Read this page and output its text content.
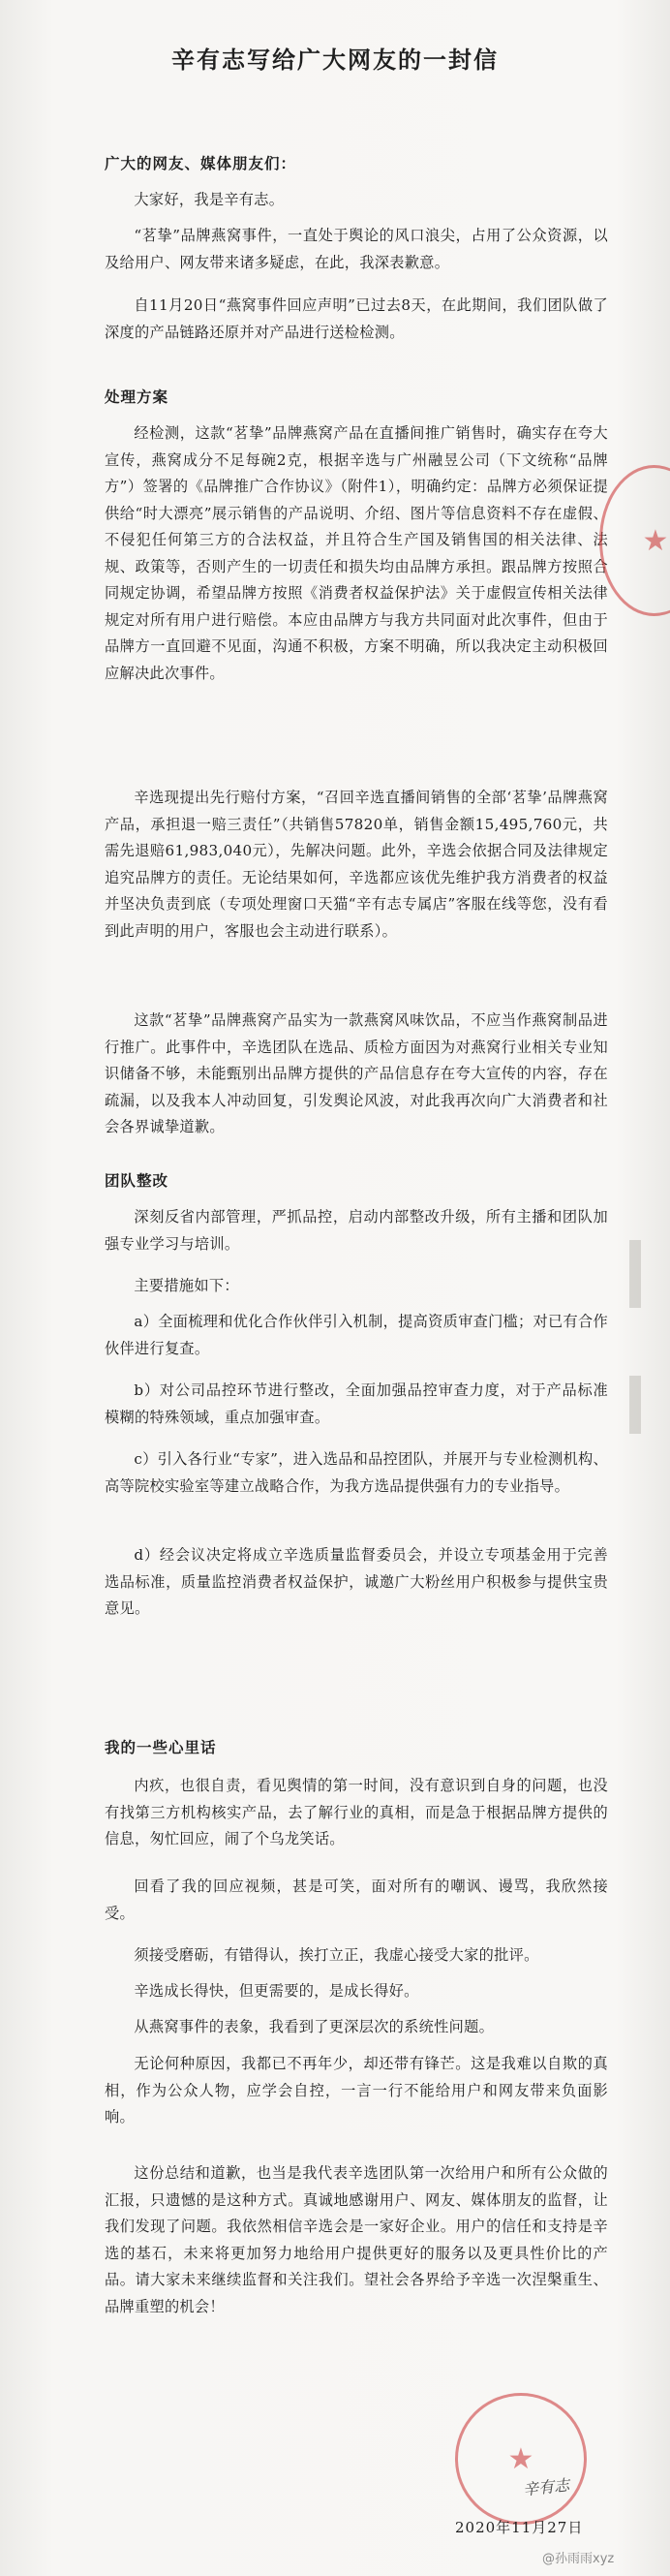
辛有志写给广大网友的一封信

广大的网友、媒体朋友们：

大家好，我是辛有志。

“茗挚”品牌燕窝事件，一直处于舆论的风口浪尖，占用了公众资源，以及给用户、网友带来诸多疑虑，在此，我深表歉意。

自11月20日“燕窝事件回应声明”已过去8天，在此期间，我们团队做了深度的产品链路还原并对产品进行送检检测。

处理方案

经检测，这款“茗挚”品牌燕窝产品在直播间推广销售时，确实存在夸大宣传，燕窝成分不足每碗2克，根据辛选与广州融昱公司（下文统称“品牌方”）签署的《品牌推广合作协议》（附件1），明确约定：品牌方必须保证提供给“时大漂亮”展示销售的产品说明、介绍、图片等信息资料不存在虚假、不侵犯任何第三方的合法权益，并且符合生产国及销售国的相关法律、法规、政策等，否则产生的一切责任和损失均由品牌方承担。跟品牌方按照合同规定协调，希望品牌方按照《消费者权益保护法》关于虚假宣传相关法律规定对所有用户进行赔偿。本应由品牌方与我方共同面对此次事件，但由于品牌方一直回避不见面，沟通不积极，方案不明确，所以我决定主动积极回应解决此次事件。

辛选现提出先行赔付方案，“召回辛选直播间销售的全部‘茗挚’品牌燕窝产品，承担退一赔三责任”（共销售57820单，销售金额15,495,760元，共需先退赔61,983,040元），先解决问题。此外，辛选会依据合同及法律规定追究品牌方的责任。无论结果如何，辛选都应该优先维护我方消费者的权益并坚决负责到底（专项处理窗口天猫“辛有志专属店”客服在线等您，没有看到此声明的用户，客服也会主动进行联系）。

这款“茗挚”品牌燕窝产品实为一款燕窝风味饮品，不应当作燕窝制品进行推广。此事件中，辛选团队在选品、质检方面因为对燕窝行业相关专业知识储备不够，未能甄别出品牌方提供的产品信息存在夸大宣传的内容，存在疏漏，以及我本人冲动回复，引发舆论风波，对此我再次向广大消费者和社会各界诚挚道歉。

团队整改

深刻反省内部管理，严抓品控，启动内部整改升级，所有主播和团队加强专业学习与培训。

主要措施如下：

a）全面梳理和优化合作伙伴引入机制，提高资质审查门槛；对已有合作伙伴进行复查。

b）对公司品控环节进行整改，全面加强品控审查力度，对于产品标准模糊的特殊领域，重点加强审查。

c）引入各行业“专家”，进入选品和品控团队，并展开与专业检测机构、高等院校实验室等建立战略合作，为我方选品提供强有力的专业指导。

d）经会议决定将成立辛选质量监督委员会，并设立专项基金用于完善选品标准，质量监控消费者权益保护，诚邀广大粉丝用户积极参与提供宝贵意见。

我的一些心里话

内疚，也很自责，看见舆情的第一时间，没有意识到自身的问题，也没有找第三方机构核实产品，去了解行业的真相，而是急于根据品牌方提供的信息，匆忙回应，闹了个乌龙笑话。

回看了我的回应视频，甚是可笑，面对所有的嘲讽、谩骂，我欣然接受。

须接受磨砺，有错得认，挨打立正，我虚心接受大家的批评。

辛选成长得快，但更需要的，是成长得好。

从燕窝事件的表象，我看到了更深层次的系统性问题。

无论何种原因，我都已不再年少，却还带有锋芒。这是我难以自欺的真相，作为公众人物，应学会自控，一言一行不能给用户和网友带来负面影响。

这份总结和道歉，也当是我代表辛选团队第一次给用户和所有公众做的汇报，只遗憾的是这种方式。真诚地感谢用户、网友、媒体朋友的监督，让我们发现了问题。我依然相信辛选会是一家好企业。用户的信任和支持是辛选的基石，未来将更加努力地给用户提供更好的服务以及更具性价比的产品。请大家未来继续监督和关注我们。望社会各界给予辛选一次涅槃重生、品牌重塑的机会！

★
★
辛有志
2020年11月27日
@孙雨雨xyz
